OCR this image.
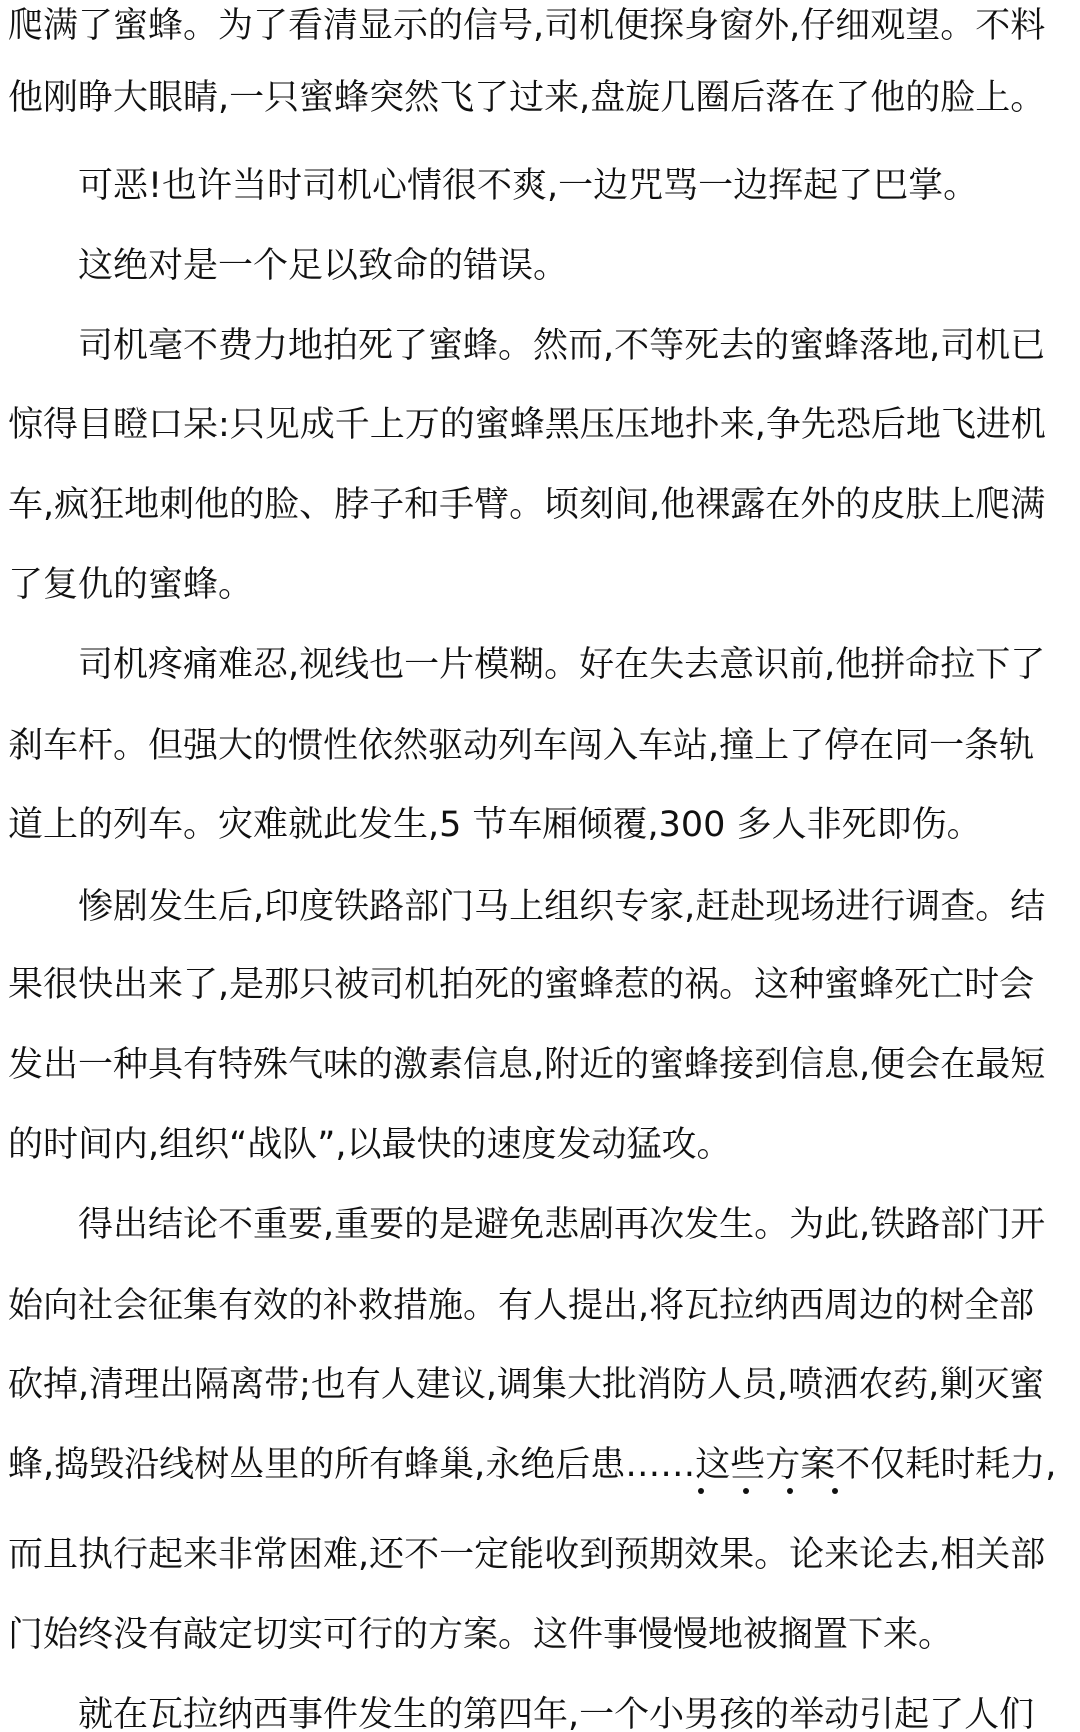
爬满了蜜蜂。为了看清显示的信号,司机便探身窗外,仔细观望。不料
他刚睁大眼睛,一只蜜蜂突然飞了过来,盘旋几圈后落在了他的脸上。
　　可恶!也许当时司机心情很不爽,一边咒骂一边挥起了巴掌。
　　这绝对是一个足以致命的错误。
　　司机毫不费力地拍死了蜜蜂。然而,不等死去的蜜蜂落地,司机已
惊得目瞪口呆:只见成千上万的蜜蜂黑压压地扑来,争先恐后地飞进机
车,疯狂地刺他的脸、脖子和手臂。顷刻间,他裸露在外的皮肤上爬满
了复仇的蜜蜂。
　　司机疼痛难忍,视线也一片模糊。好在失去意识前,他拼命拉下了
刹车杆。但强大的惯性依然驱动列车闯入车站,撞上了停在同一条轨
道上的列车。灾难就此发生,5 节车厢倾覆,300 多人非死即伤。
　　惨剧发生后,印度铁路部门马上组织专家,赶赴现场进行调查。结
果很快出来了,是那只被司机拍死的蜜蜂惹的祸。这种蜜蜂死亡时会
发出一种具有特殊气味的激素信息,附近的蜜蜂接到信息,便会在最短
的时间内,组织“战队”,以最快的速度发动猛攻。
　　得出结论不重要,重要的是避免悲剧再次发生。为此,铁路部门开
始向社会征集有效的补救措施。有人提出,将瓦拉纳西周边的树全部
砍掉,清理出隔离带;也有人建议,调集大批消防人员,喷洒农药,剿灭蜜
蜂,捣毁沿线树丛里的所有蜂巢,永绝后患……这些方案不仅耗时耗力,
而且执行起来非常困难,还不一定能收到预期效果。论来论去,相关部
门始终没有敲定切实可行的方案。这件事慢慢地被搁置下来。
　　就在瓦拉纳西事件发生的第四年,一个小男孩的举动引起了人们
